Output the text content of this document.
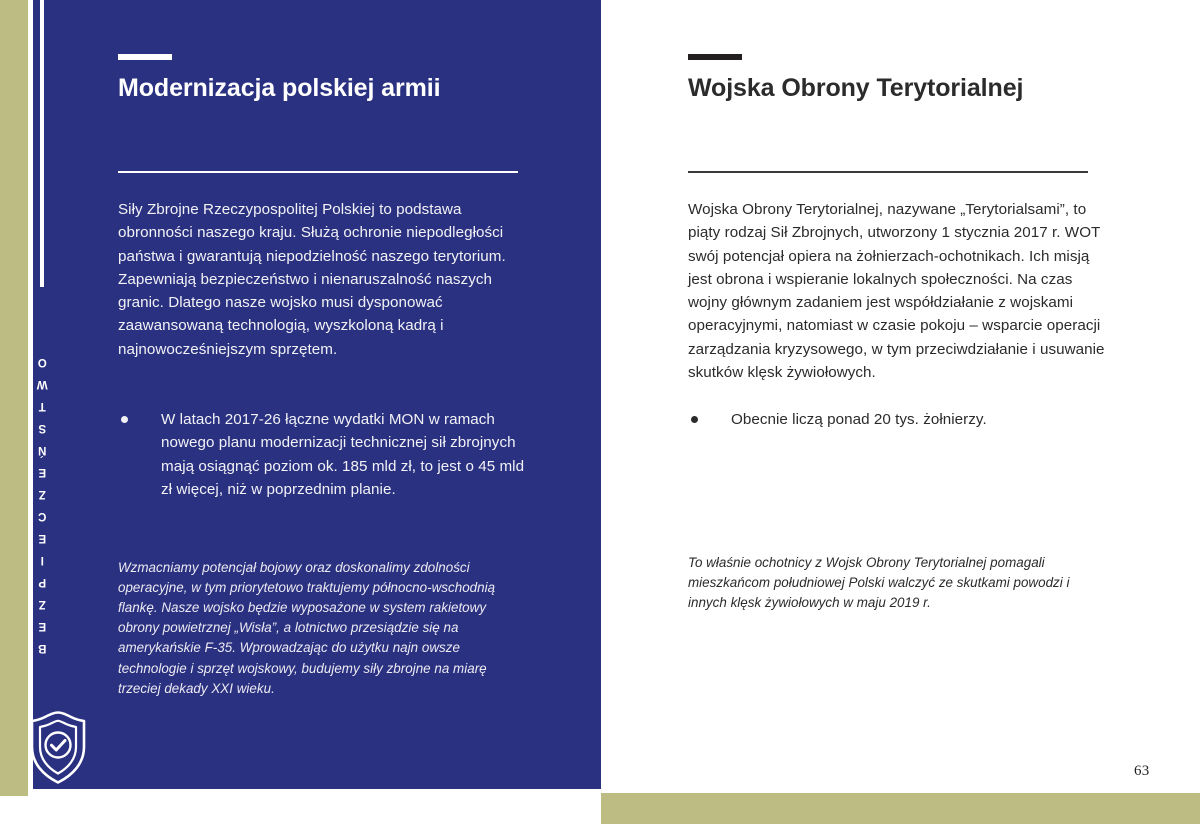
BEZPIECZEŃSTWO
Modernizacja polskiej armii

Siły Zbrojne Rzeczypospolitej Polskiej to podstawa obronności naszego kraju. Służą ochronie niepodległości państwa i gwarantują niepodzielność naszego terytorium. Zapewniają bezpieczeństwo i nienaruszalność naszych granic. Dlatego nasze wojsko musi dysponować zaawansowaną technologią, wyszkoloną kadrą i najnowocześniejszym sprzętem.

W latach 2017-26 łączne wydatki MON w ramach nowego planu modernizacji technicznej sił zbrojnych mają osiągnąć poziom ok. 185 mld zł, to jest o 45 mld zł więcej, niż w poprzednim planie.

Wzmacniamy potencjał bojowy oraz doskonalimy zdolności operacyjne, w tym priorytetowo traktujemy północno-wschodnią flankę. Nasze wojsko będzie wyposażone w system rakietowy obrony powietrznej „Wisła”, a lotnictwo przesiądzie się na amerykańskie F-35. Wprowadzając do użytku najn owsze technologie i sprzęt wojskowy, budujemy siły zbrojne na miarę trzeciej dekady XXI wieku.

Wojska Obrony Terytorialnej

Wojska Obrony Terytorialnej, nazywane „Terytorialsami”, to piąty rodzaj Sił Zbrojnych, utworzony 1 stycznia 2017 r. WOT swój potencjał opiera na żołnierzach-ochotnikach. Ich misją jest obrona i wspieranie lokalnych społeczności. Na czas wojny głównym zadaniem jest współdziałanie z wojskami operacyjnymi, natomiast w czasie pokoju – wsparcie operacji zarządzania kryzysowego, w tym przeciwdziałanie i usuwanie skutków klęsk żywiołowych.

Obecnie liczą ponad 20 tys. żołnierzy.

To właśnie ochotnicy z Wojsk Obrony Terytorialnej pomagali mieszkańcom południowej Polski walczyć ze skutkami powodzi i innych klęsk żywiołowych w maju 2019 r.

63
